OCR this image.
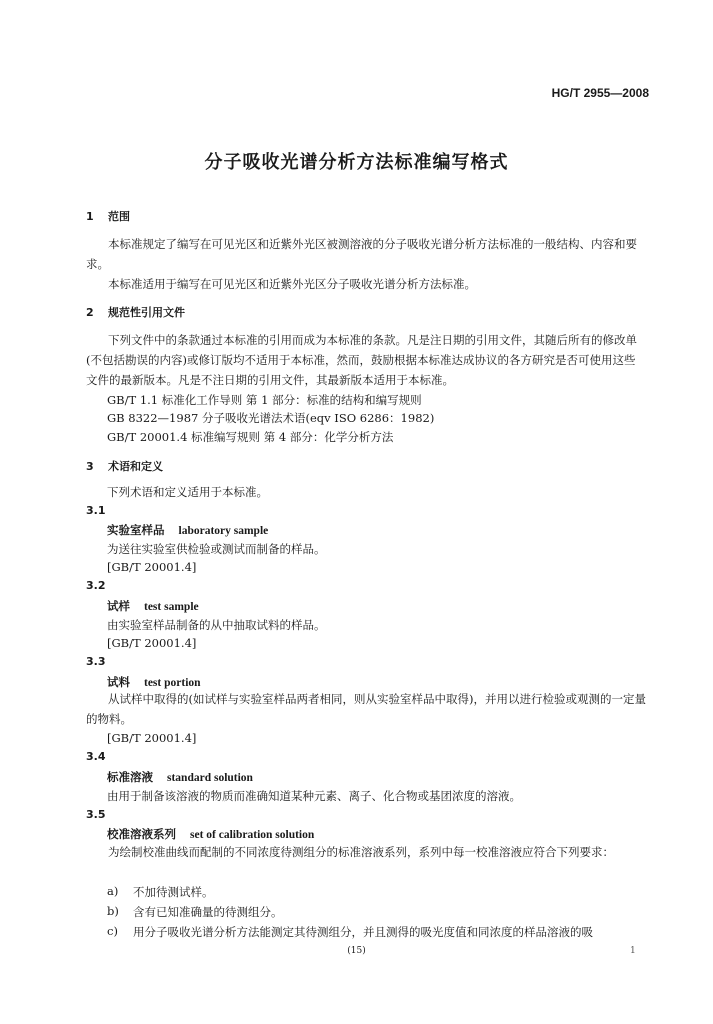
HG/T 2955—2008
分子吸收光谱分析方法标准编写格式
1 范围
本标准规定了编写在可见光区和近紫外光区被测溶液的分子吸收光谱分析方法标准的一般结构、内容和要求。
本标准适用于编写在可见光区和近紫外光区分子吸收光谱分析方法标准。
2 规范性引用文件
下列文件中的条款通过本标准的引用而成为本标准的条款。凡是注日期的引用文件，其随后所有的修改单(不包括勘误的内容)或修订版均不适用于本标准，然而，鼓励根据本标准达成协议的各方研究是否可使用这些文件的最新版本。凡是不注日期的引用文件，其最新版本适用于本标准。
GB/T 1.1 标准化工作导则 第 1 部分：标准的结构和编写规则
GB 8322—1987 分子吸收光谱法术语(eqv ISO 6286：1982)
GB/T 20001.4 标准编写规则 第 4 部分：化学分析方法
3 术语和定义
下列术语和定义适用于本标准。
3.1
实验室样品 laboratory sample
为送往实验室供检验或测试而制备的样品。
[GB/T 20001.4]
3.2
试样 test sample
由实验室样品制备的从中抽取试料的样品。
[GB/T 20001.4]
3.3
试料 test portion
从试样中取得的(如试样与实验室样品两者相同，则从实验室样品中取得)，并用以进行检验或观测的一定量的物料。
[GB/T 20001.4]
3.4
标准溶液 standard solution
由用于制备该溶液的物质而准确知道某种元素、离子、化合物或基团浓度的溶液。
3.5
校准溶液系列 set of calibration solution
为绘制校准曲线而配制的不同浓度待测组分的标准溶液系列，系列中每一校准溶液应符合下列要求：
a) 不加待测试样。
b) 含有已知准确量的待测组分。
c) 用分子吸收光谱分析方法能测定其待测组分，并且测得的吸光度值和同浓度的样品溶液的吸
(15)	1
